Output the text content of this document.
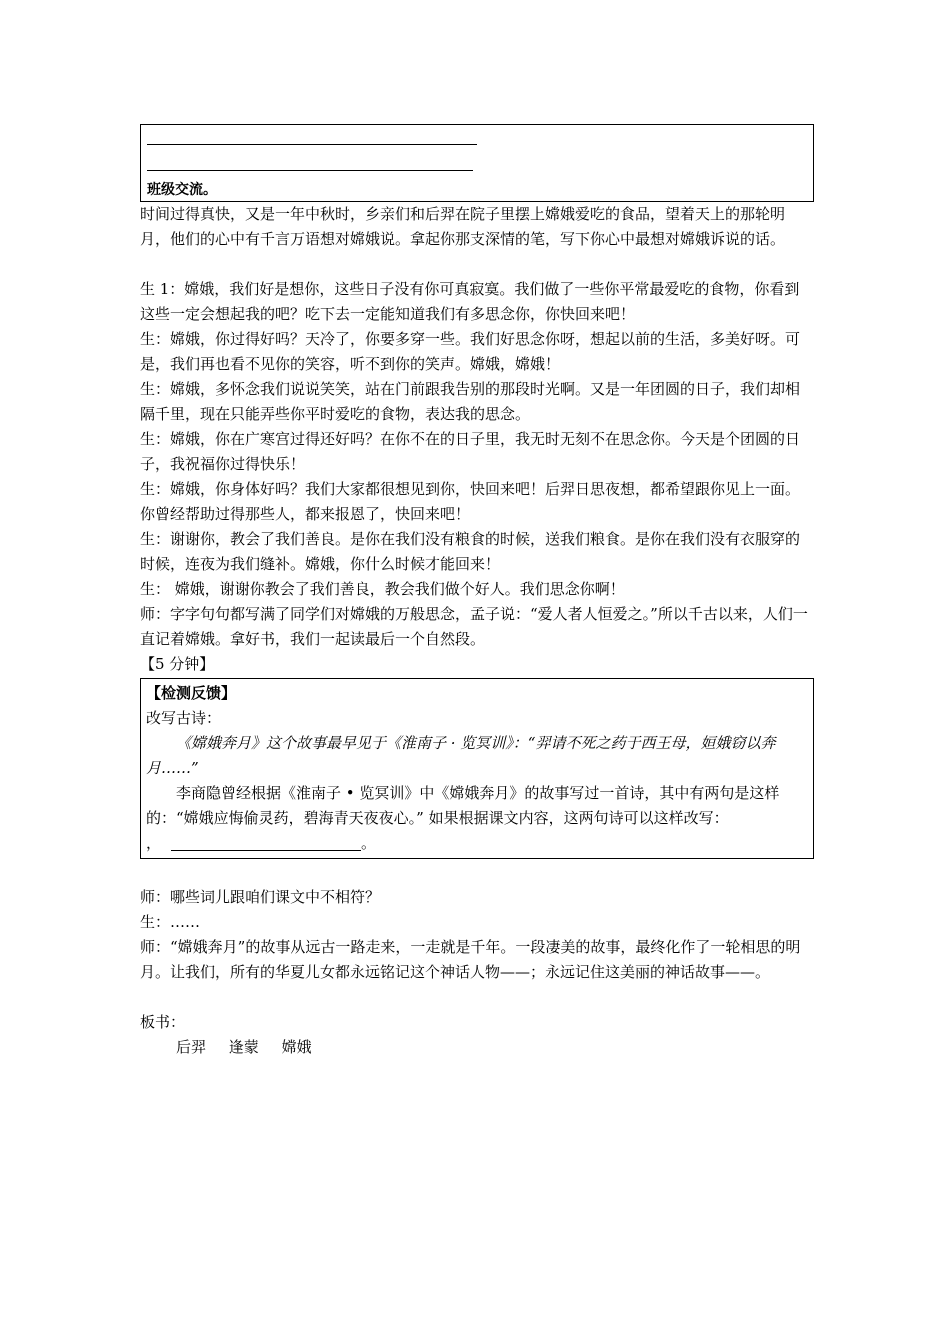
班级交流。

时间过得真快，又是一年中秋时，乡亲们和后羿在院子里摆上嫦娥爱吃的食品，望着天上的那轮明月，他们的心中有千言万语想对嫦娥说。拿起你那支深情的笔，写下你心中最想对嫦娥诉说的话。

生 1：嫦娥，我们好是想你，这些日子没有你可真寂寞。我们做了一些你平常最爱吃的食物，你看到这些一定会想起我的吧？吃下去一定能知道我们有多思念你，你快回来吧！

生：嫦娥，你过得好吗？天冷了，你要多穿一些。我们好思念你呀，想起以前的生活，多美好呀。可是，我们再也看不见你的笑容，听不到你的笑声。嫦娥，嫦娥！

生：嫦娥，多怀念我们说说笑笑，站在门前跟我告别的那段时光啊。又是一年团圆的日子，我们却相隔千里，现在只能弄些你平时爱吃的食物，表达我的思念。

生：嫦娥，你在广寒宫过得还好吗？在你不在的日子里，我无时无刻不在思念你。今天是个团圆的日子，我祝福你过得快乐！

生：嫦娥，你身体好吗？我们大家都很想见到你，快回来吧！后羿日思夜想，都希望跟你见上一面。你曾经帮助过得那些人，都来报恩了，快回来吧！

生：谢谢你，教会了我们善良。是你在我们没有粮食的时候，送我们粮食。是你在我们没有衣服穿的时候，连夜为我们缝补。嫦娥，你什么时候才能回来！

生： 嫦娥，谢谢你教会了我们善良，教会我们做个好人。我们思念你啊！

师：字字句句都写满了同学们对嫦娥的万般思念，孟子说：“爱人者人恒爱之。”所以千古以来，人们一直记着嫦娥。拿好书，我们一起读最后一个自然段。

【5 分钟】

【检测反馈】

改写古诗：

《嫦娥奔月》这个故事最早见于《淮南子 · 览冥训》：“羿请不死之药于西王母，姮娥窃以奔月……”

李商隐曾经根据《淮南子 • 览冥训》中《嫦娥奔月》的故事写过一首诗，其中有两句是这样的：“嫦娥应悔偷灵药，碧海青天夜夜心。” 如果根据课文内容，这两句诗可以这样改写：

，	。

师：哪些词儿跟咱们课文中不相符？

生：……

师：“嫦娥奔月”的故事从远古一路走来，一走就是千年。一段凄美的故事，最终化作了一轮相思的明月。让我们，所有的华夏儿女都永远铭记这个神话人物——；永远记住这美丽的神话故事——。

板书：

后羿 逢蒙 嫦娥
